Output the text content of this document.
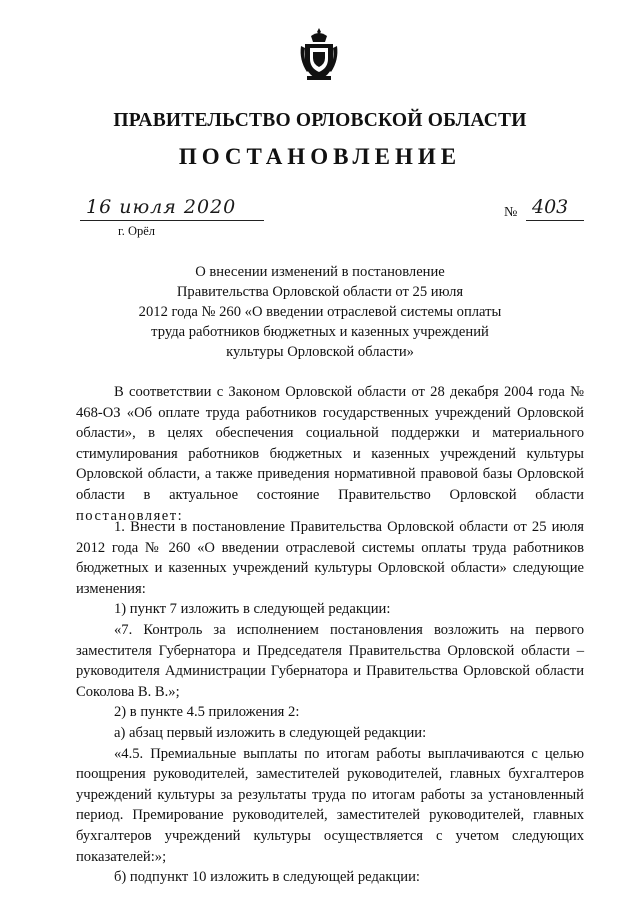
ПРАВИТЕЛЬСТВО ОРЛОВСКОЙ ОБЛАСТИ
ПОСТАНОВЛЕНИЕ
16 июля 2020
г. Орёл
№ 403
О внесении изменений в постановление
Правительства Орловской области от 25 июля
2012 года № 260 «О введении отраслевой системы оплаты
труда работников бюджетных и казенных учреждений
культуры Орловской области»

В соответствии с Законом Орловской области от 28 декабря 2004 года № 468-ОЗ «Об оплате труда работников государственных учреждений Орловской области», в целях обеспечения социальной поддержки и материального стимулирования работников бюджетных и казенных учреждений культуры Орловской области, а также приведения нормативной правовой базы Орловской области в актуальное состояние Правительство Орловской области постановляет:

1. Внести в постановление Правительства Орловской области от 25 июля 2012 года № 260 «О введении отраслевой системы оплаты труда работников бюджетных и казенных учреждений культуры Орловской области» следующие изменения:

1) пункт 7 изложить в следующей редакции:

«7. Контроль за исполнением постановления возложить на первого заместителя Губернатора и Председателя Правительства Орловской области – руководителя Администрации Губернатора и Правительства Орловской области Соколова В. В.»;

2) в пункте 4.5 приложения 2:

а) абзац первый изложить в следующей редакции:

«4.5. Премиальные выплаты по итогам работы выплачиваются с целью поощрения руководителей, заместителей руководителей, главных бухгалтеров учреждений культуры за результаты труда по итогам работы за установленный период. Премирование руководителей, заместителей руководителей, главных бухгалтеров учреждений культуры осуществляется с учетом следующих показателей:»;

б) подпункт 10 изложить в следующей редакции:
